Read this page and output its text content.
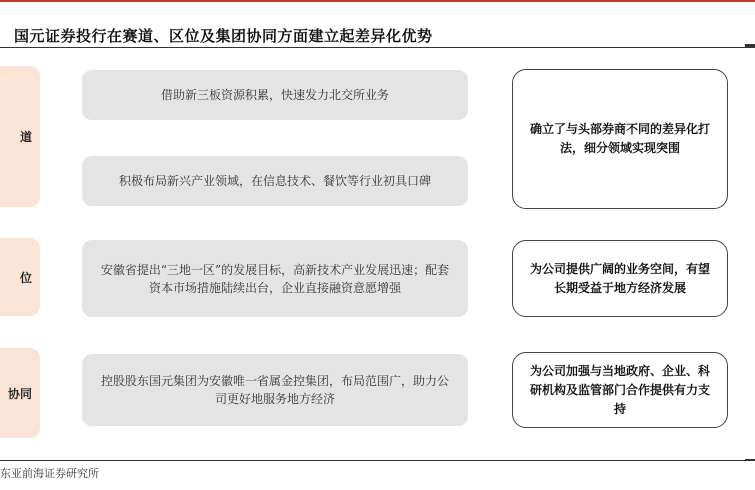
国元证券投行在赛道、区位及集团协同方面建立起差异化优势
道
借助新三板资源积累，快速发力北交所业务
积极布局新兴产业领域，在信息技术、餐饮等行业初具口碑
确立了与头部券商不同的差异化打法，细分领域实现突围
位
安徽省提出“三地一区”的发展目标，高新技术产业发展迅速；配套资本市场措施陆续出台，企业直接融资意愿增强
为公司提供广阔的业务空间，有望长期受益于地方经济发展
协同
控股股东国元集团为安徽唯一省属金控集团，布局范围广，助力公司更好地服务地方经济
为公司加强与当地政府、企业、科研机构及监管部门合作提供有力支持
东亚前海证券研究所
